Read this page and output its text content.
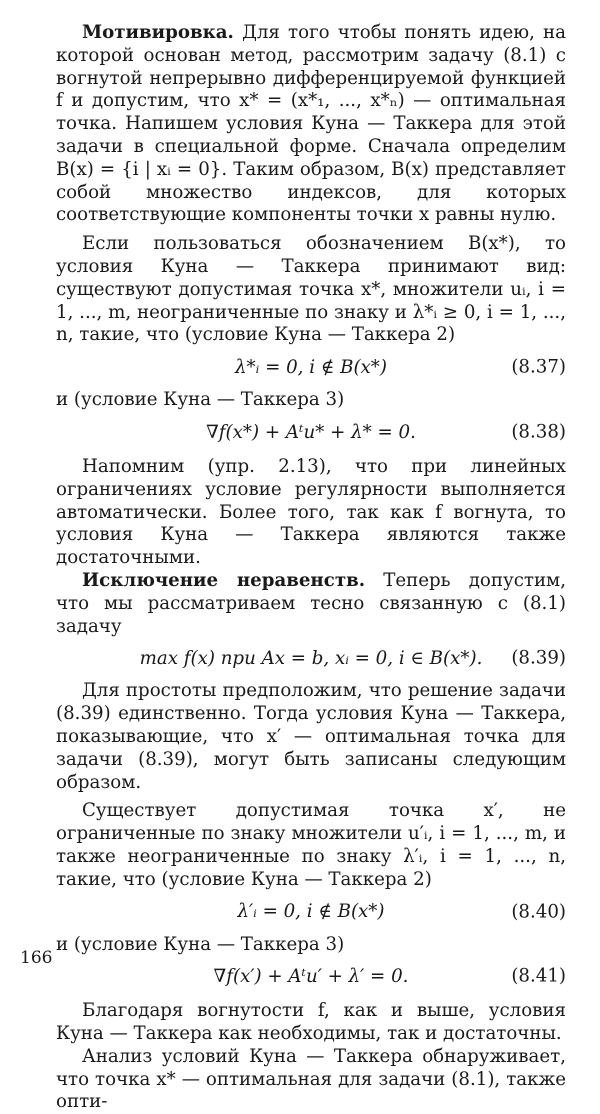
Мотивировка. Для того чтобы понять идею, на которой основан метод, рассмотрим задачу (8.1) с вогнутой непрерывно дифференцируемой функцией f и допустим, что x* = (x*₁, ..., x*ₙ) — оптимальная точка. Напишем условия Куна — Таккера для этой задачи в специальной форме. Сначала определим B(x) = {i | xᵢ = 0}. Таким образом, B(x) представляет собой множество индексов, для которых соответствующие компоненты точки x равны нулю.

Если пользоваться обозначением B(x*), то условия Куна — Таккера принимают вид: существуют допустимая точка x*, множители uᵢ, i = 1, ..., m, неограниченные по знаку и λ*ᵢ ≥ 0, i = 1, ..., n, такие, что (условие Куна — Таккера 2)

λ*ᵢ = 0, i ∉ B(x*)	(8.37)

и (условие Куна — Таккера 3)

∇f(x*) + Aᵗu* + λ* = 0.	(8.38)

Напомним (упр. 2.13), что при линейных ограничениях условие регулярности выполняется автоматически. Более того, так как f вогнута, то условия Куна — Таккера являются также достаточными.

Исключение неравенств. Теперь допустим, что мы рассматриваем тесно связанную с (8.1) задачу

max f(x) при Ax = b, xᵢ = 0, i ∈ B(x*). (8.39)

Для простоты предположим, что решение задачи (8.39) единственно. Тогда условия Куна — Таккера, показывающие, что x′ — оптимальная точка для задачи (8.39), могут быть записаны следующим образом.

Существует допустимая точка x′, не ограниченные по знаку множители u′ᵢ, i = 1, ..., m, и также неограниченные по знаку λ′ᵢ, i = 1, ..., n, такие, что (условие Куна — Таккера 2)

λ′ᵢ = 0, i ∉ B(x*)	(8.40)

и (условие Куна — Таккера 3)

∇f(x′) + Aᵗu′ + λ′ = 0.	(8.41)

Благодаря вогнутости f, как и выше, условия Куна — Таккера как необходимы, так и достаточны.

Анализ условий Куна — Таккера обнаруживает, что точка x* — оптимальная для задачи (8.1), также опти-

166
